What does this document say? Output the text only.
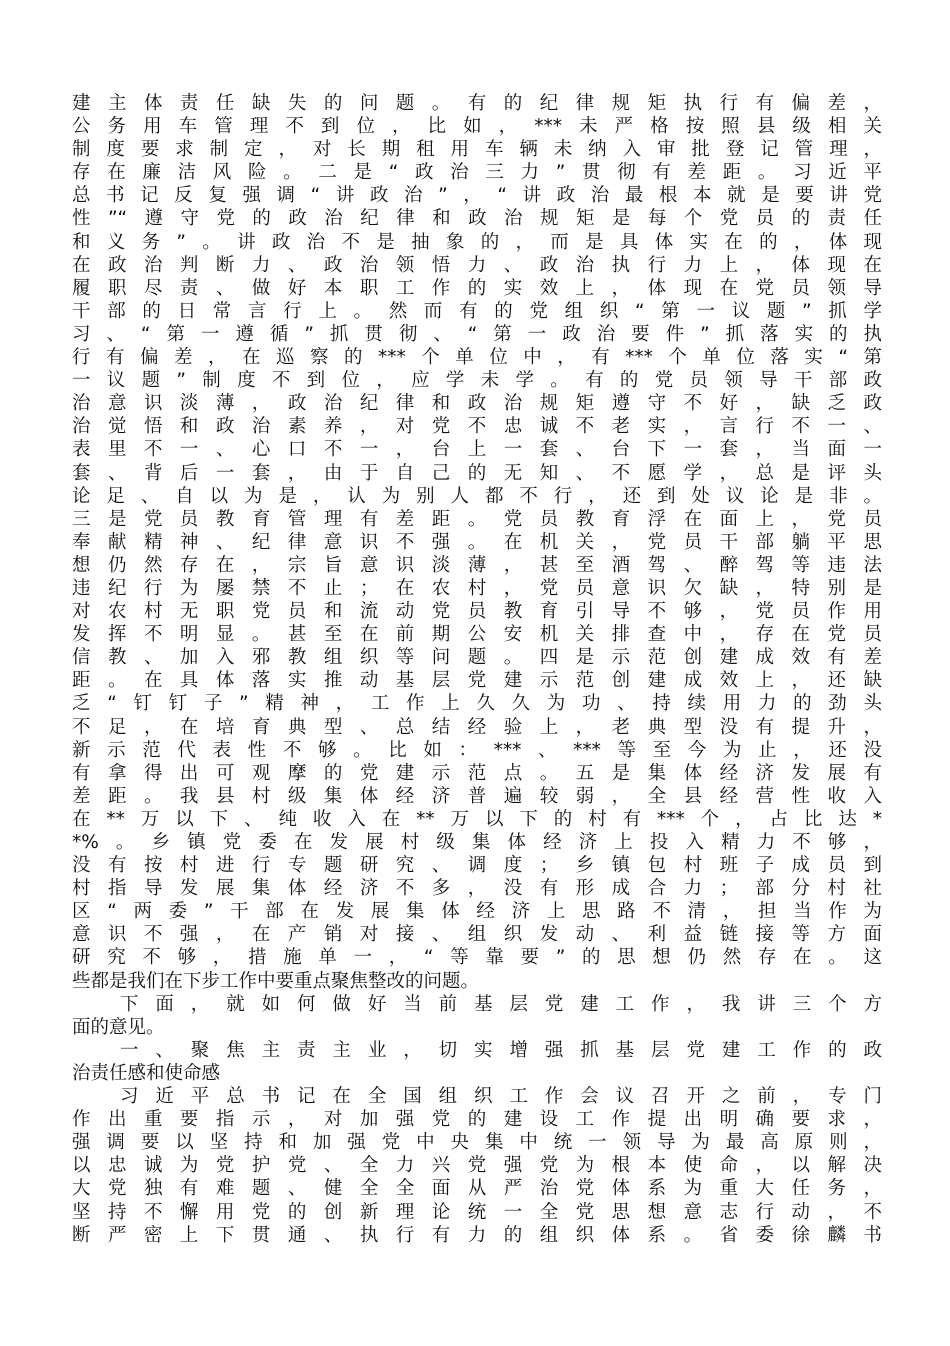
建主体责任缺失的问题。有的纪律规矩执行有偏差，
公务用车管理不到位，比如，***未严格按照县级相关
制度要求制定，对长期租用车辆未纳入审批登记管理，
存在廉洁风险。二是“政治三力”贯彻有差距。习近平
总书记反复强调“讲政治”，“讲政治最根本就是要讲党
性”“遵守党的政治纪律和政治规矩是每个党员的责任
和义务”。讲政治不是抽象的，而是具体实在的，体现
在政治判断力、政治领悟力、政治执行力上，体现在
履职尽责、做好本职工作的实效上，体现在党员领导
干部的日常言行上。然而有的党组织“第一议题”抓学
习、“第一遵循”抓贯彻、“第一政治要件”抓落实的执
行有偏差，在巡察的***个单位中，有***个单位落实“第
一议题”制度不到位，应学未学。有的党员领导干部政
治意识淡薄，政治纪律和政治规矩遵守不好，缺乏政
治觉悟和政治素养，对党不忠诚不老实，言行不一、
表里不一、心口不一，台上一套、台下一套，当面一
套、背后一套，由于自己的无知、不愿学，总是评头
论足、自以为是，认为别人都不行，还到处议论是非。
三是党员教育管理有差距。党员教育浮在面上，党员
奉献精神、纪律意识不强。在机关，党员干部躺平思
想仍然存在，宗旨意识淡薄，甚至酒驾、醉驾等违法
违纪行为屡禁不止；在农村，党员意识欠缺，特别是
对农村无职党员和流动党员教育引导不够，党员作用
发挥不明显。甚至在前期公安机关排查中，存在党员
信教、加入邪教组织等问题。四是示范创建成效有差
距。在具体落实推动基层党建示范创建成效上，还缺
乏“钉钉子”精神，工作上久久为功、持续用力的劲头
不足，在培育典型、总结经验上，老典型没有提升，
新示范代表性不够。比如：***、***等至今为止，还没
有拿得出可观摩的党建示范点。五是集体经济发展有
差距。我县村级集体经济普遍较弱，全县经营性收入
在**万以下、纯收入在**万以下的村有***个，占比达*
*%。乡镇党委在发展村级集体经济上投入精力不够，
没有按村进行专题研究、调度；乡镇包村班子成员到
村指导发展集体经济不多，没有形成合力；部分村社
区“两委”干部在发展集体经济上思路不清，担当作为
意识不强，在产销对接、组织发动、利益链接等方面
研究不够，措施单一，“等靠要”的思想仍然存在。这
些都是我们在下步工作中要重点聚焦整改的问题。
下面，就如何做好当前基层党建工作，我讲三个方
面的意见。
一、聚焦主责主业，切实增强抓基层党建工作的政
治责任感和使命感
习近平总书记在全国组织工作会议召开之前，专门
作出重要指示，对加强党的建设工作提出明确要求，
强调要以坚持和加强党中央集中统一领导为最高原则，
以忠诚为党护党、全力兴党强党为根本使命，以解决
大党独有难题、健全全面从严治党体系为重大任务，
坚持不懈用党的创新理论统一全党思想意志行动，不
断严密上下贯通、执行有力的组织体系。省委徐麟书
